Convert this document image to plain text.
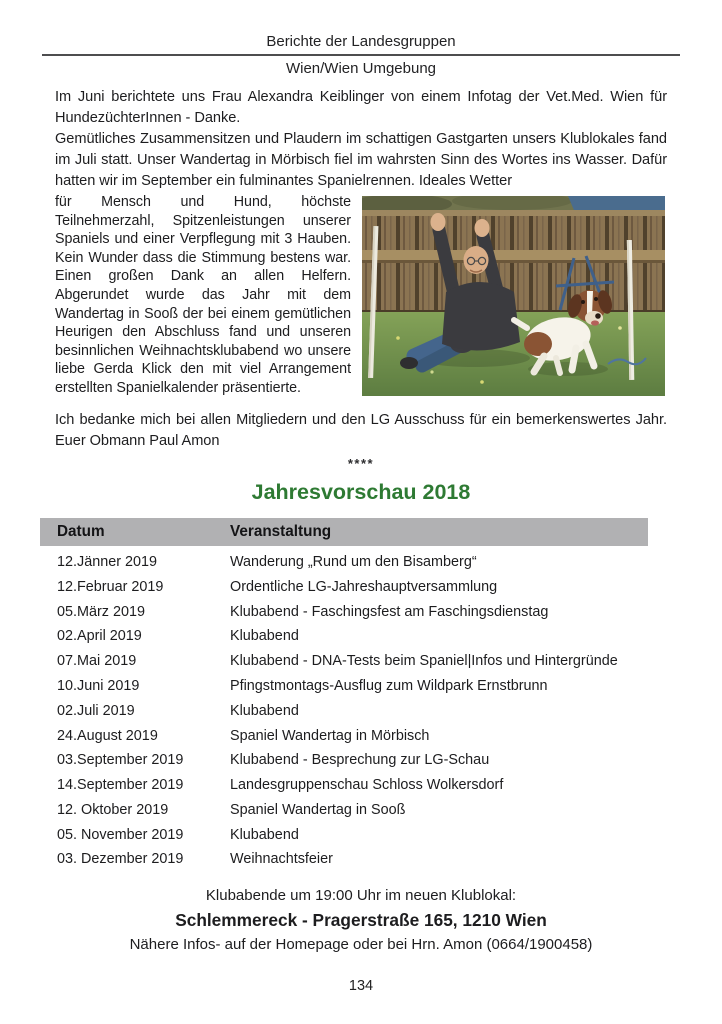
Berichte der Landesgruppen
Wien/Wien Umgebung

Im Juni berichtete uns Frau Alexandra Keiblinger von einem Infotag der Vet.Med. Wien für HundezüchterInnen - Danke.

Gemütliches Zusammensitzen und Plaudern im schattigen Gastgarten unsers Klublokales fand im Juli statt. Unser Wandertag in Mörbisch fiel im wahrsten Sinn des Wortes ins Wasser. Dafür hatten wir im September ein fulminantes Spanielrennen. Ideales Wetter

für Mensch und Hund, höchste Teilnehmerzahl, Spitzenleistungen unserer Spaniels und einer Verpflegung mit 3 Hauben. Kein Wunder dass die Stimmung bestens war. Einen großen Dank an allen Helfern. Abgerundet wurde das Jahr mit dem Wandertag in Sooß der bei einem gemütlichen Heurigen den Abschluss fand und unseren besinnlichen Weihnachtsklubabend wo unsere liebe Gerda Klick den mit viel Arrangement erstellten Spanielkalender präsentierte.

Ich bedanke mich bei allen Mitgliedern und den LG Ausschuss für ein bemerkenswertes Jahr. Euer Obmann Paul Amon

****
Jahresvorschau 2018
Datum	Veranstaltung
12.Jänner 2019	Wanderung „Rund um den Bisamberg“
12.Februar 2019	Ordentliche LG-Jahreshauptversammlung
05.März 2019	Klubabend - Faschingsfest am Faschingsdienstag
02.April 2019	Klubabend
07.Mai 2019	Klubabend - DNA-Tests beim Spaniel|Infos und Hintergründe
10.Juni 2019	Pfingstmontags-Ausflug zum Wildpark Ernstbrunn
02.Juli 2019	Klubabend
24.August 2019	Spaniel Wandertag in Mörbisch
03.September 2019	Klubabend - Besprechung zur LG-Schau
14.September 2019	Landesgruppenschau Schloss Wolkersdorf
12. Oktober 2019	Spaniel Wandertag in Sooß
05. November 2019	Klubabend
03. Dezember 2019	Weihnachtsfeier
Klubabende um 19:00 Uhr im neuen Klublokal:
Schlemmereck - Pragerstraße 165, 1210 Wien
Nähere Infos- auf der Homepage oder bei Hrn. Amon (0664/1900458)
134
